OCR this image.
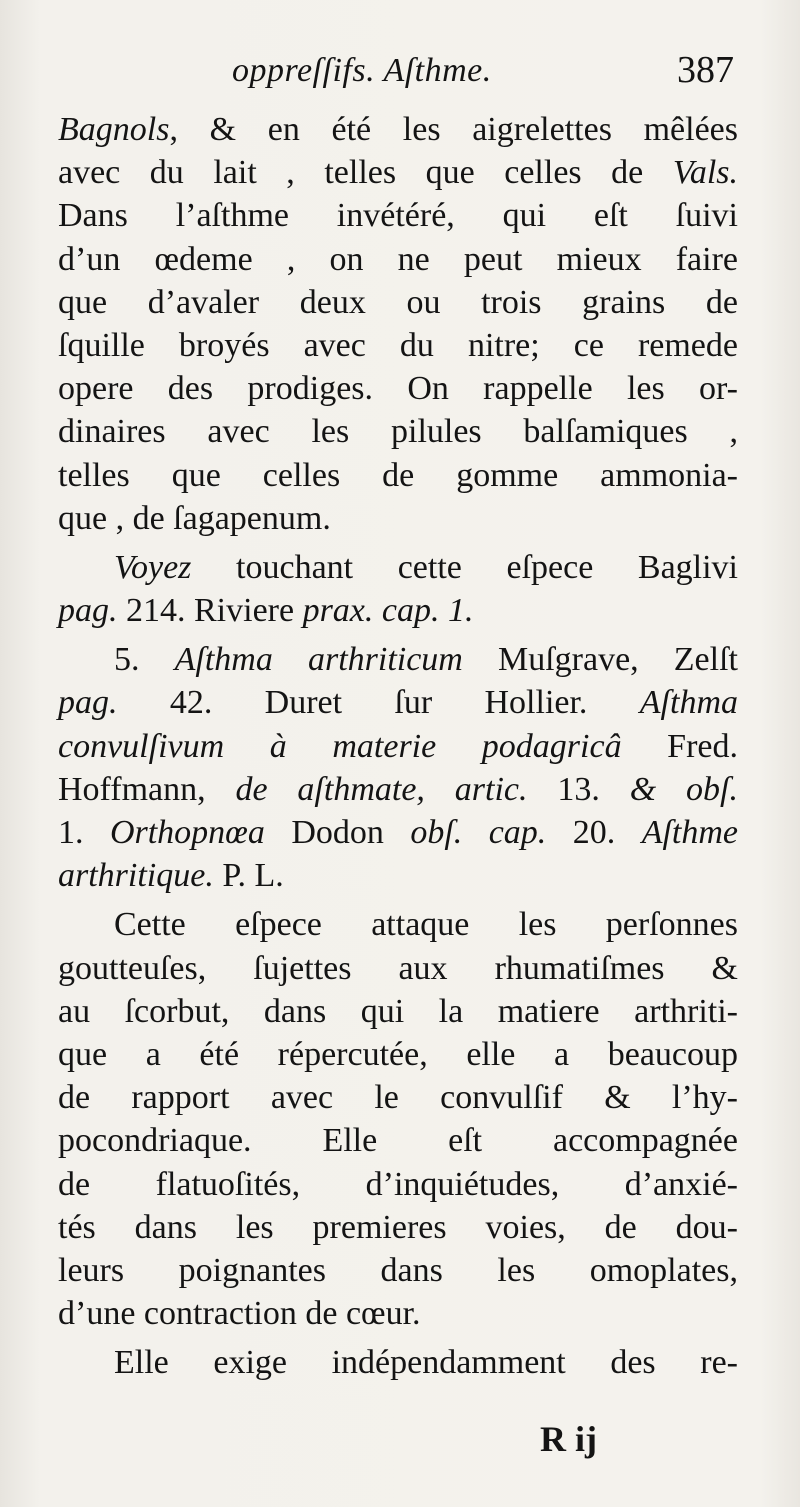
oppreſſifs. Aſthme.	387
Bagnols, & en été les aigrelettes mêlées
avec du lait , telles que celles de Vals.
Dans l’aſthme invétéré, qui eſt ſuivi
d’un œdeme , on ne peut mieux faire
que d’avaler deux ou trois grains de
ſquille broyés avec du nitre; ce remede
opere des prodiges. On rappelle les or-
dinaires avec les pilules balſamiques ,
telles que celles de gomme ammonia-
que , de ſagapenum.
Voyez touchant cette eſpece Baglivi
pag. 214. Riviere prax. cap. 1.
5. Aſthma arthriticum Muſgrave, Zelſt
pag. 42. Duret ſur Hollier. Aſthma
convulſivum à materie podagricâ Fred.
Hoffmann, de aſthmate, artic. 13. & obſ.
1. Orthopnœa Dodon obſ. cap. 20. Aſthme
arthritique. P. L.
Cette eſpece attaque les perſonnes
goutteuſes, ſujettes aux rhumatiſmes &
au ſcorbut, dans qui la matiere arthriti-
que a été répercutée, elle a beaucoup
de rapport avec le convulſif & l’hy-
pocondriaque. Elle eſt accompagnée
de flatuoſités, d’inquiétudes, d’anxié-
tés dans les premieres voies, de dou-
leurs poignantes dans les omoplates,
d’une contraction de cœur.
Elle exige indépendamment des re-
R ij
